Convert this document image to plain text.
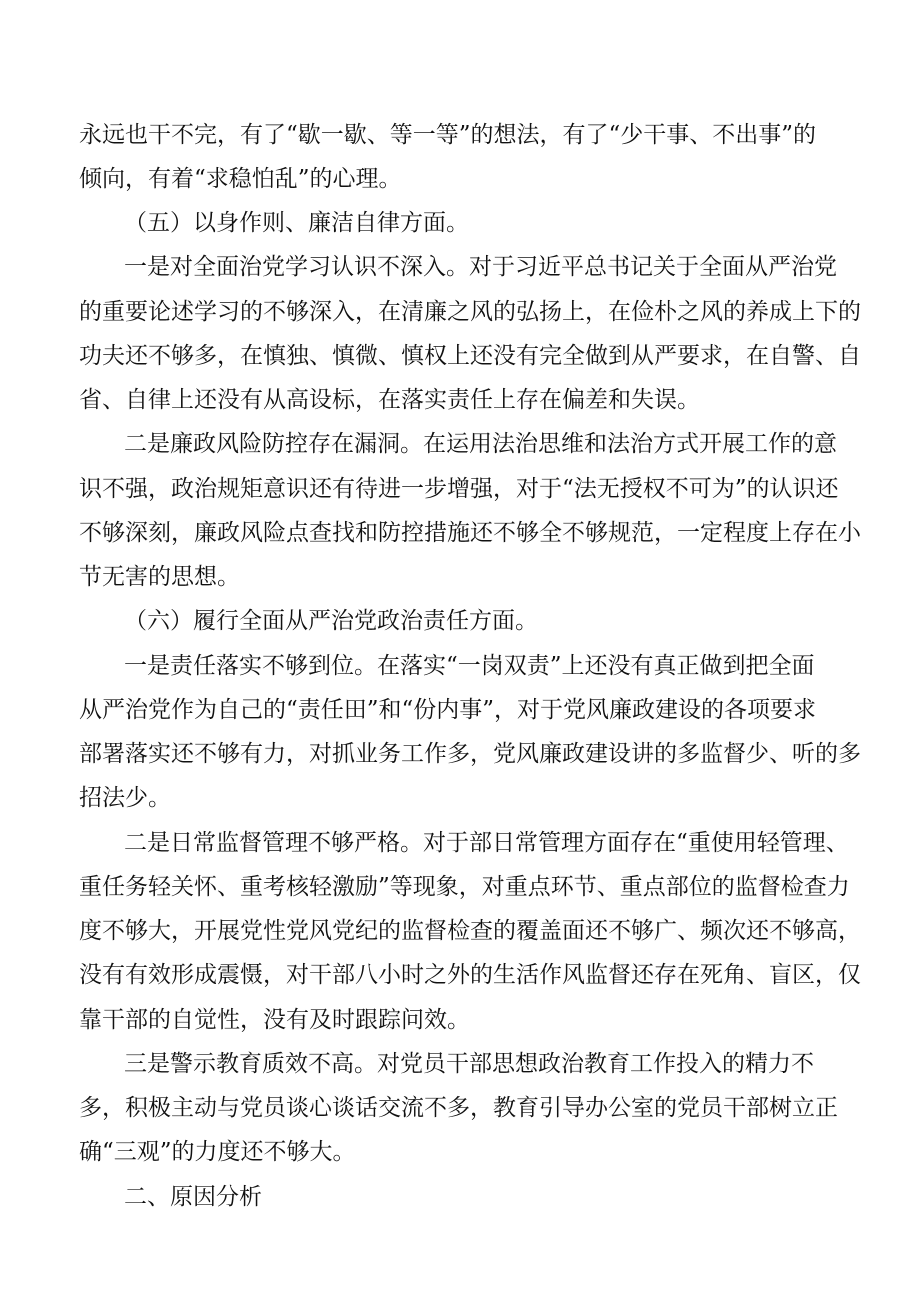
永远也干不完，有了“歇一歇、等一等”的想法，有了“少干事、不出事”的
倾向，有着“求稳怕乱”的心理。
（五）以身作则、廉洁自律方面。
一是对全面治党学习认识不深入。对于习近平总书记关于全面从严治党
的重要论述学习的不够深入，在清廉之风的弘扬上，在俭朴之风的养成上下的
功夫还不够多，在慎独、慎微、慎权上还没有完全做到从严要求，在自警、自
省、自律上还没有从高设标，在落实责任上存在偏差和失误。
二是廉政风险防控存在漏洞。在运用法治思维和法治方式开展工作的意
识不强，政治规矩意识还有待进一步增强，对于“法无授权不可为”的认识还
不够深刻，廉政风险点查找和防控措施还不够全不够规范，一定程度上存在小
节无害的思想。
（六）履行全面从严治党政治责任方面。
一是责任落实不够到位。在落实“一岗双责”上还没有真正做到把全面
从严治党作为自己的“责任田”和“份内事”，对于党风廉政建设的各项要求
部署落实还不够有力，对抓业务工作多，党风廉政建设讲的多监督少、听的多
招法少。
二是日常监督管理不够严格。对于部日常管理方面存在“重使用轻管理、
重任务轻关怀、重考核轻激励”等现象，对重点环节、重点部位的监督检查力
度不够大，开展党性党风党纪的监督检查的覆盖面还不够广、频次还不够高，
没有有效形成震慑，对干部八小时之外的生活作风监督还存在死角、盲区，仅
靠干部的自觉性，没有及时跟踪问效。
三是警示教育质效不高。对党员干部思想政治教育工作投入的精力不
多，积极主动与党员谈心谈话交流不多，教育引导办公室的党员干部树立正
确“三观”的力度还不够大。
二、原因分析
